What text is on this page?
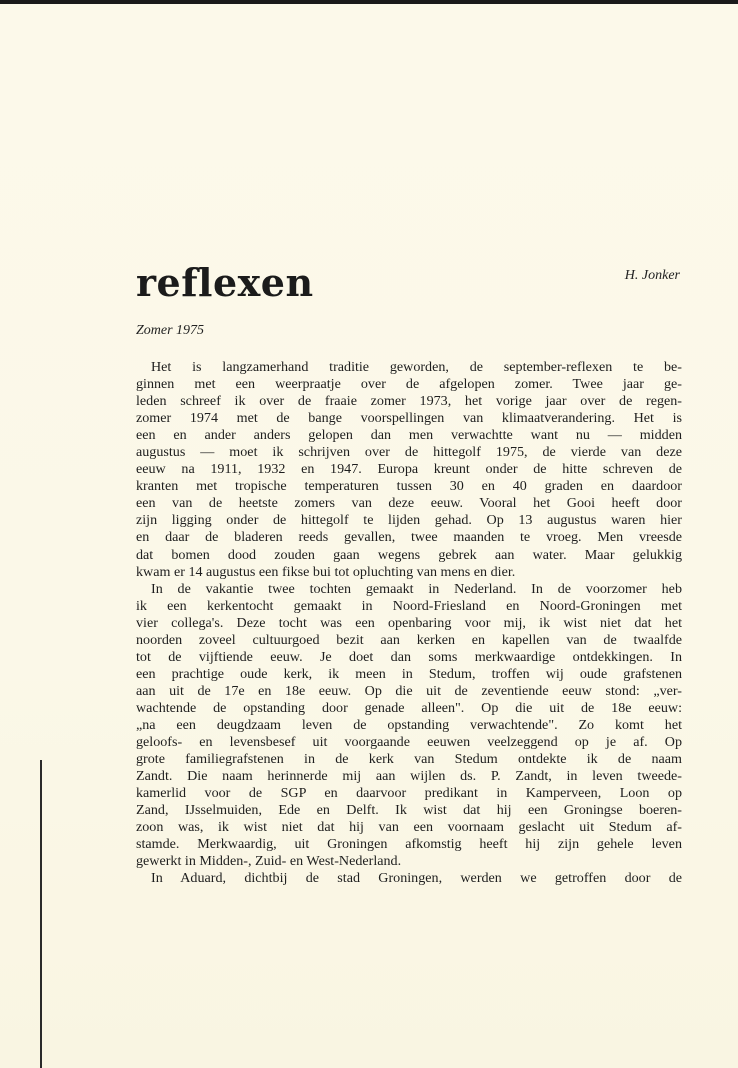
reflexen	H. Jonker
Zomer 1975
Het is langzamerhand traditie geworden, de september-reflexen te be-
ginnen met een weerpraatje over de afgelopen zomer. Twee jaar ge-
leden schreef ik over de fraaie zomer 1973, het vorige jaar over de regen-
zomer 1974 met de bange voorspellingen van klimaatverandering. Het is
een en ander anders gelopen dan men verwachtte want nu — midden
augustus — moet ik schrijven over de hittegolf 1975, de vierde van deze
eeuw na 1911, 1932 en 1947. Europa kreunt onder de hitte schreven de
kranten met tropische temperaturen tussen 30 en 40 graden en daardoor
een van de heetste zomers van deze eeuw. Vooral het Gooi heeft door
zijn ligging onder de hittegolf te lijden gehad. Op 13 augustus waren hier
en daar de bladeren reeds gevallen, twee maanden te vroeg. Men vreesde
dat bomen dood zouden gaan wegens gebrek aan water. Maar gelukkig
kwam er 14 augustus een fikse bui tot opluchting van mens en dier.
In de vakantie twee tochten gemaakt in Nederland. In de voorzomer heb
ik een kerkentocht gemaakt in Noord-Friesland en Noord-Groningen met
vier collega's. Deze tocht was een openbaring voor mij, ik wist niet dat het
noorden zoveel cultuurgoed bezit aan kerken en kapellen van de twaalfde
tot de vijftiende eeuw. Je doet dan soms merkwaardige ontdekkingen. In
een prachtige oude kerk, ik meen in Stedum, troffen wij oude grafstenen
aan uit de 17e en 18e eeuw. Op die uit de zeventiende eeuw stond: „ver-
wachtende de opstanding door genade alleen". Op die uit de 18e eeuw:
„na een deugdzaam leven de opstanding verwachtende". Zo komt het
geloofs- en levensbesef uit voorgaande eeuwen veelzeggend op je af. Op
grote familiegrafstenen in de kerk van Stedum ontdekte ik de naam
Zandt. Die naam herinnerde mij aan wijlen ds. P. Zandt, in leven tweede-
kamerlid voor de SGP en daarvoor predikant in Kamperveen, Loon op
Zand, IJsselmuiden, Ede en Delft. Ik wist dat hij een Groningse boeren-
zoon was, ik wist niet dat hij van een voornaam geslacht uit Stedum af-
stamde. Merkwaardig, uit Groningen afkomstig heeft hij zijn gehele leven
gewerkt in Midden-, Zuid- en West-Nederland.
In Aduard, dichtbij de stad Groningen, werden we getroffen door de
